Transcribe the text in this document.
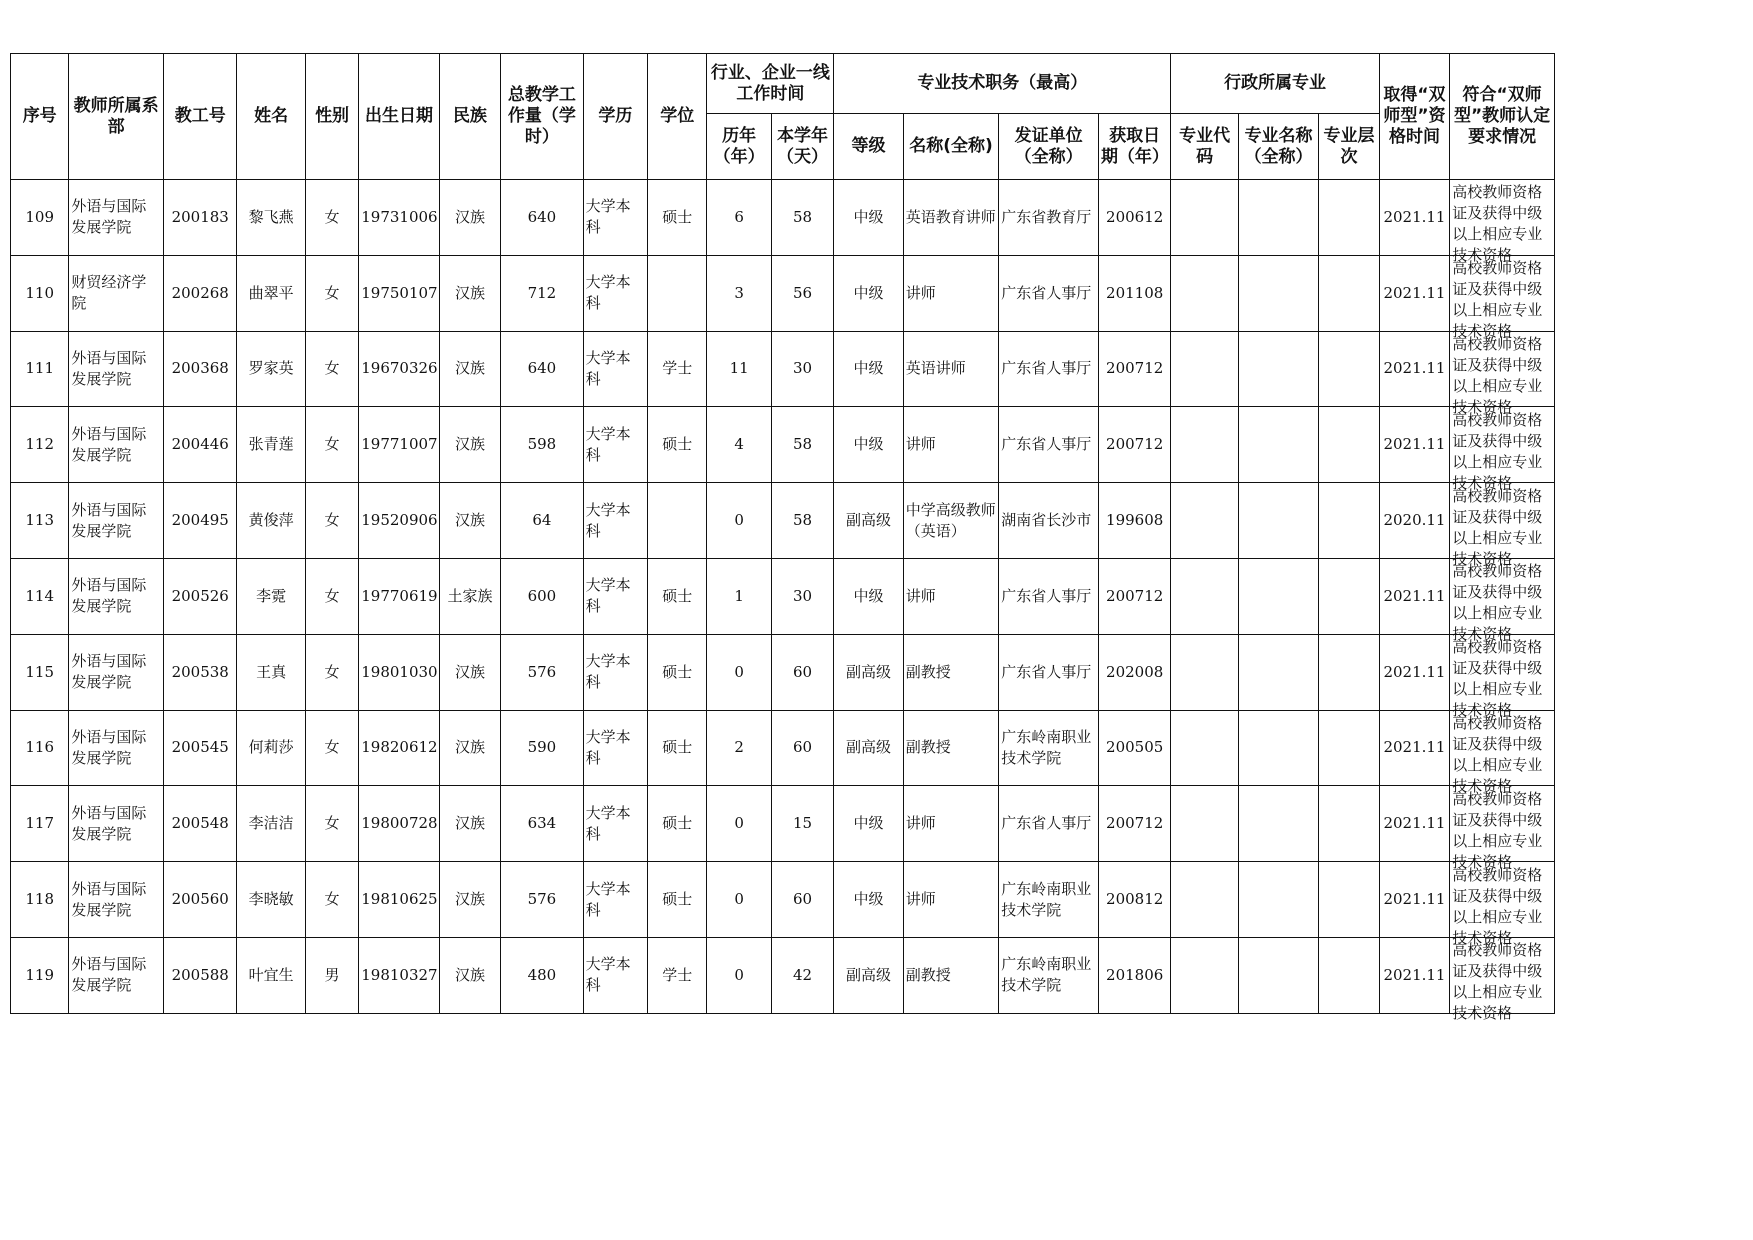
序号	教师所属系部	教工号	姓名	性别	出生日期	民族	总教学工作量（学时）	学历	学位	行业、企业一线工作时间		专业技术职务（最高）				行政所属专业			取得“双师型”资格时间	符合“双师型”教师认定要求情况

										历年（年）	本学年（天）	等级	名称(全称)	发证单位（全称）	获取日期（年）	专业代码	专业名称（全称）	专业层次		

109	外语与国际发展学院	200183	黎飞燕	女	19731006	汉族	640	大学本科	硕士	6	58	中级	英语教育讲师	广东省教育厅	200612				2021.11	高校教师资格证及获得中级以上相应专业技术资格

110	财贸经济学院	200268	曲翠平	女	19750107	汉族	712	大学本科		3	56	中级	讲师	广东省人事厅	201108				2021.11	高校教师资格证及获得中级以上相应专业技术资格

111	外语与国际发展学院	200368	罗家英	女	19670326	汉族	640	大学本科	学士	11	30	中级	英语讲师	广东省人事厅	200712				2021.11	高校教师资格证及获得中级以上相应专业技术资格

112	外语与国际发展学院	200446	张青莲	女	19771007	汉族	598	大学本科	硕士	4	58	中级	讲师	广东省人事厅	200712				2021.11	高校教师资格证及获得中级以上相应专业技术资格

113	外语与国际发展学院	200495	黄俊萍	女	19520906	汉族	64	大学本科		0	58	副高级	中学高级教师（英语）	湖南省长沙市	199608				2020.11	高校教师资格证及获得中级以上相应专业技术资格

114	外语与国际发展学院	200526	李霓	女	19770619	土家族	600	大学本科	硕士	1	30	中级	讲师	广东省人事厅	200712				2021.11	高校教师资格证及获得中级以上相应专业技术资格

115	外语与国际发展学院	200538	王真	女	19801030	汉族	576	大学本科	硕士	0	60	副高级	副教授	广东省人事厅	202008				2021.11	高校教师资格证及获得中级以上相应专业技术资格

116	外语与国际发展学院	200545	何莉莎	女	19820612	汉族	590	大学本科	硕士	2	60	副高级	副教授	广东岭南职业技术学院	200505				2021.11	高校教师资格证及获得中级以上相应专业技术资格

117	外语与国际发展学院	200548	李洁洁	女	19800728	汉族	634	大学本科	硕士	0	15	中级	讲师	广东省人事厅	200712				2021.11	高校教师资格证及获得中级以上相应专业技术资格

118	外语与国际发展学院	200560	李晓敏	女	19810625	汉族	576	大学本科	硕士	0	60	中级	讲师	广东岭南职业技术学院	200812				2021.11	高校教师资格证及获得中级以上相应专业技术资格

119	外语与国际发展学院	200588	叶宜生	男	19810327	汉族	480	大学本科	学士	0	42	副高级	副教授	广东岭南职业技术学院	201806				2021.11	高校教师资格证及获得中级以上相应专业技术资格
